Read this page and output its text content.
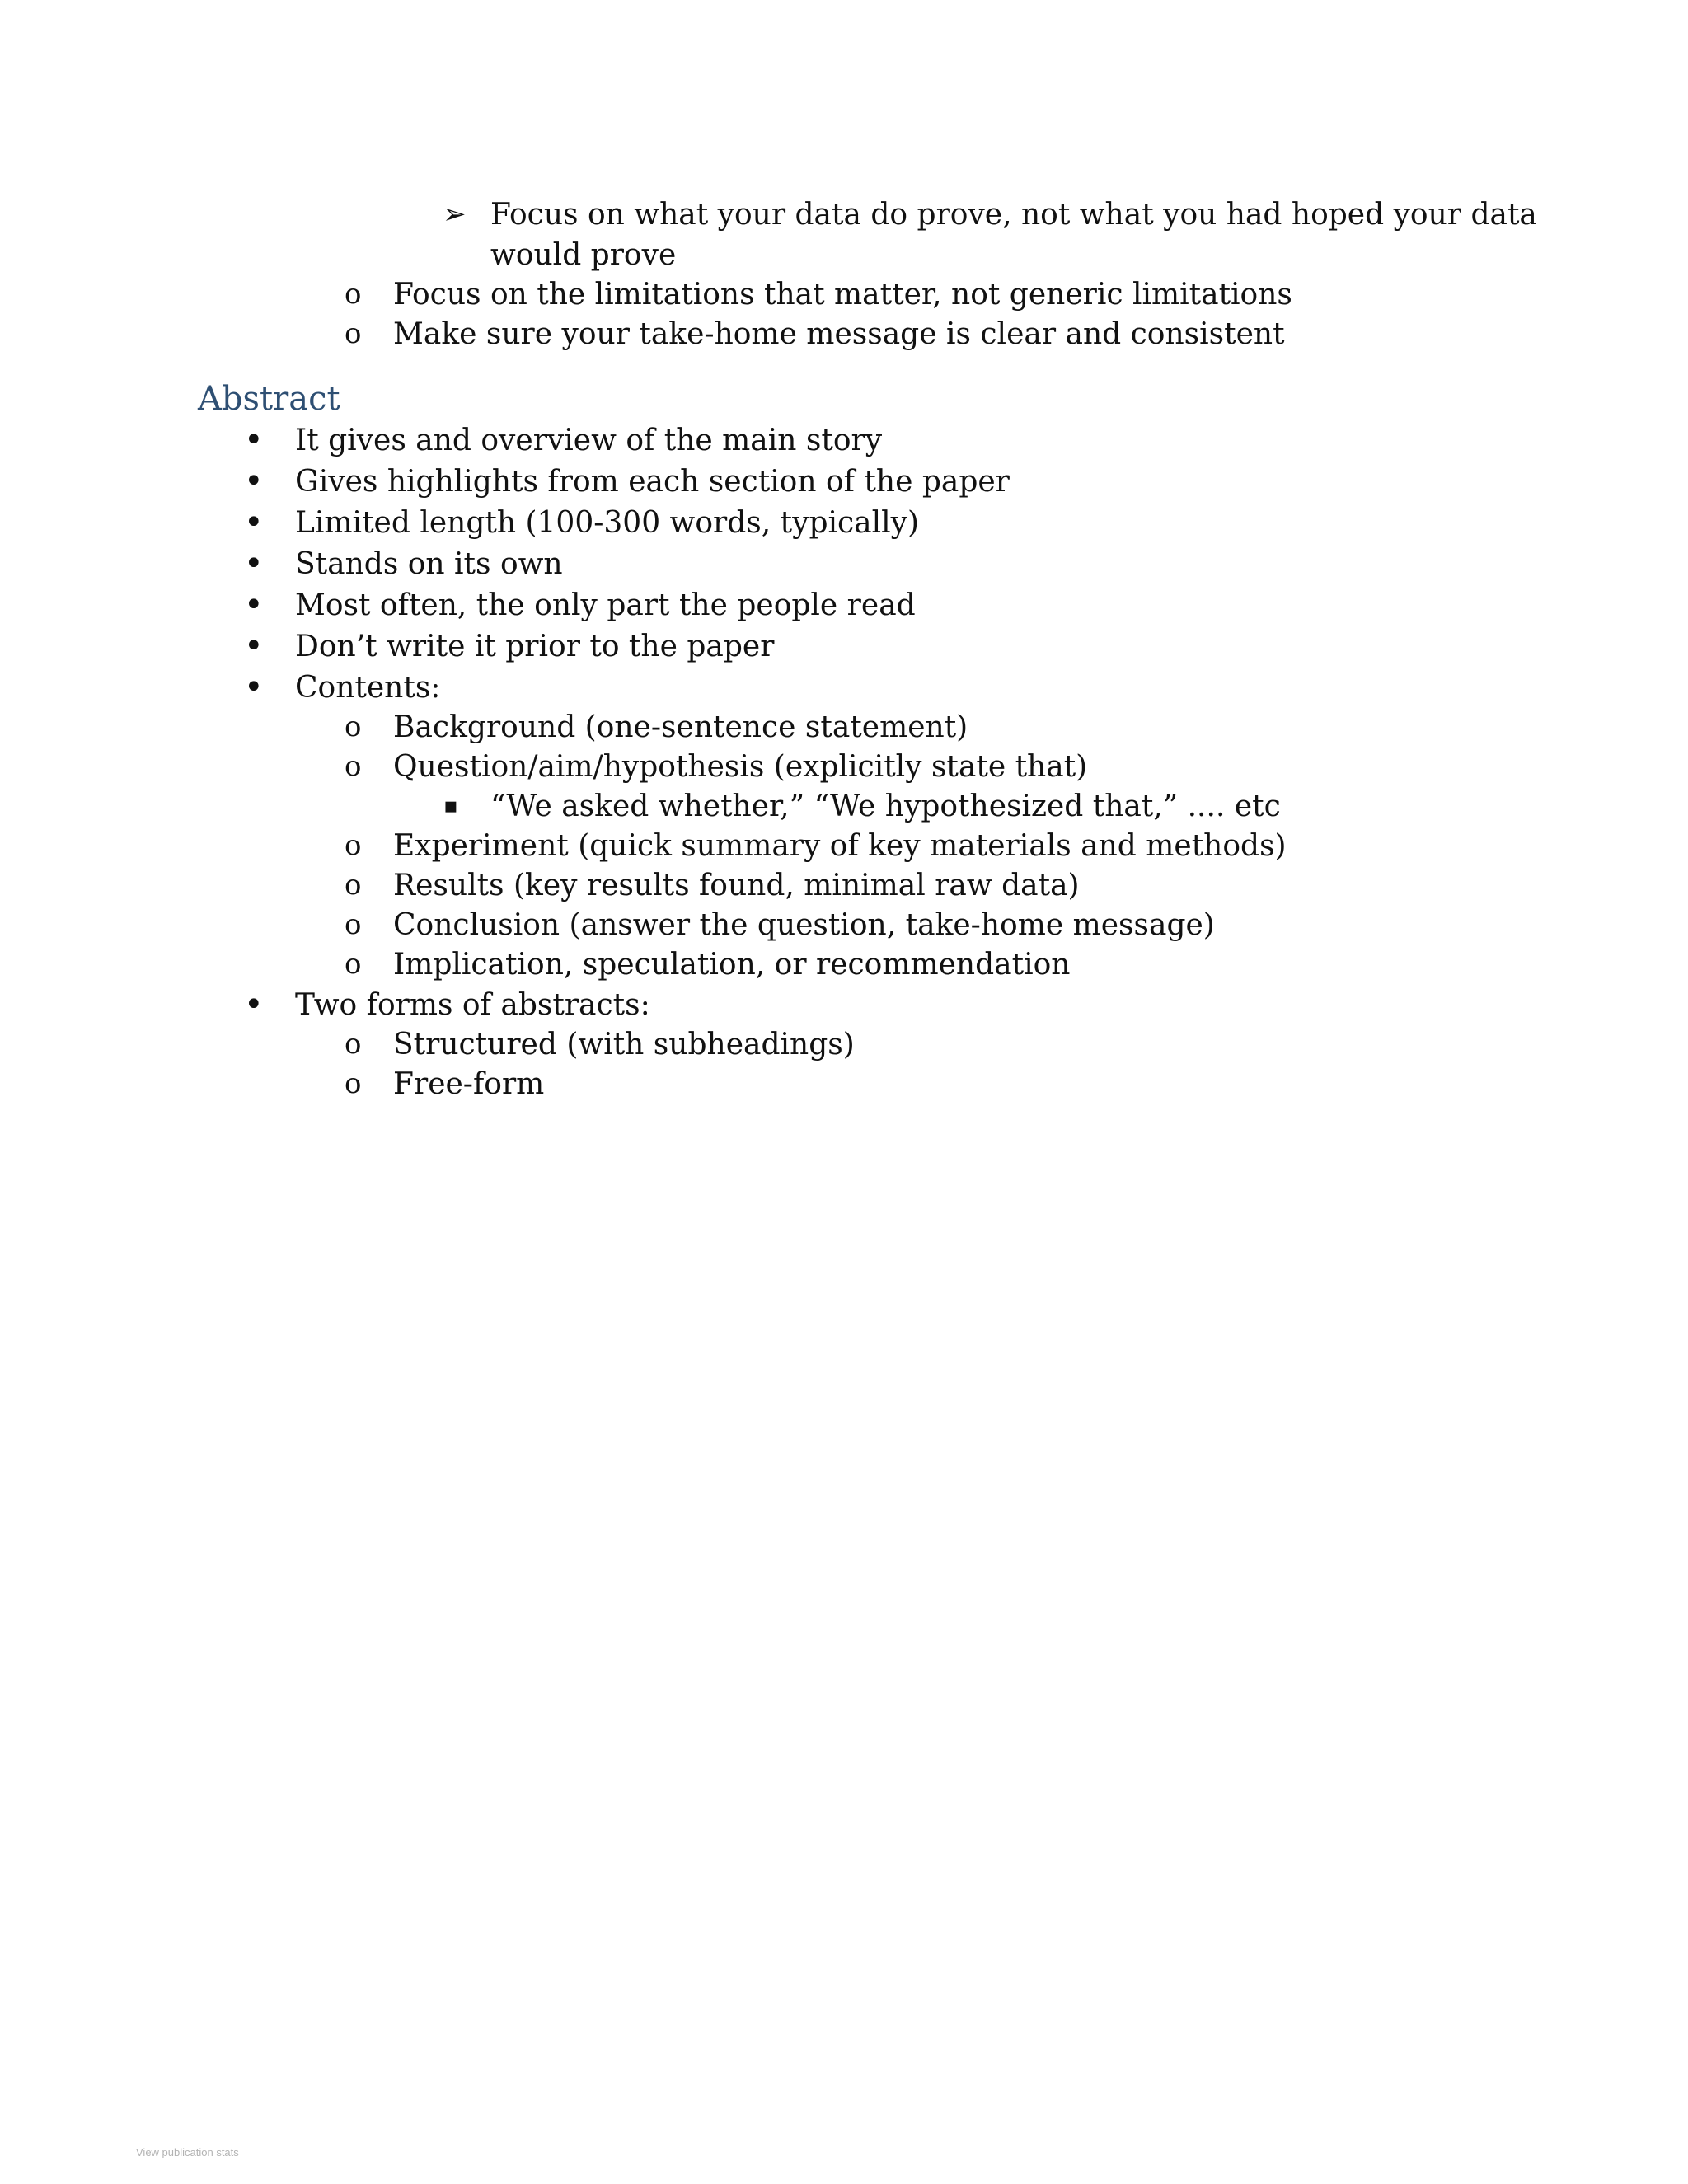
➢ Focus on what your data do prove, not what you had hoped your data
would prove
o Focus on the limitations that matter, not generic limitations
o Make sure your take-home message is clear and consistent
Abstract
• It gives and overview of the main story
• Gives highlights from each section of the paper
• Limited length (100-300 words, typically)
• Stands on its own
• Most often, the only part the people read
• Don’t write it prior to the paper
• Contents:
o Background (one-sentence statement)
o Question/aim/hypothesis (explicitly state that)
▪ “We asked whether,” “We hypothesized that,” .... etc
o Experiment (quick summary of key materials and methods)
o Results (key results found, minimal raw data)
o Conclusion (answer the question, take-home message)
o Implication, speculation, or recommendation
• Two forms of abstracts:
o Structured (with subheadings)
o Free-form
View publication stats
